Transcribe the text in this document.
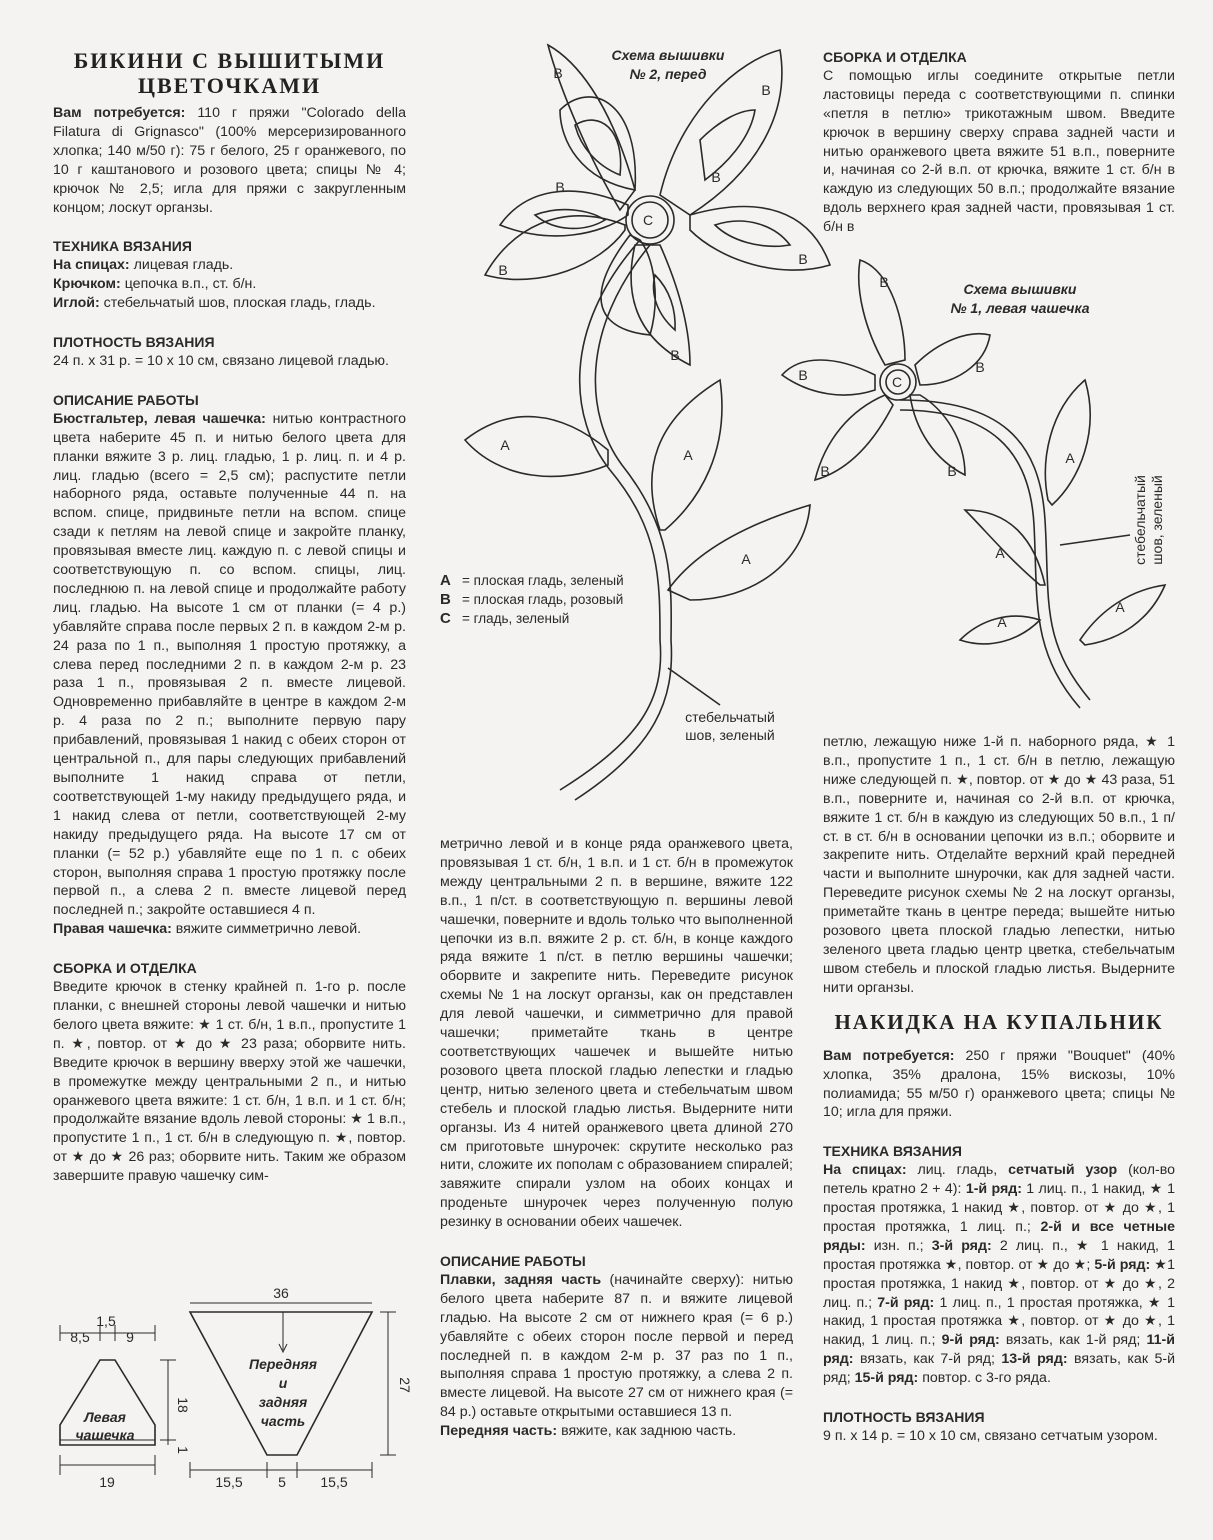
БИКИНИ С ВЫШИТЫМИ ЦВЕТОЧКАМИ

Вам потребуется: 110 г пряжи "Colorado della Filatura di Grignasco" (100% мерсеризированного хлопка; 140 м/50 г): 75 г белого, 25 г оранжевого, по 10 г каштанового и розового цвета; спицы № 4; крючок № 2,5; игла для пряжи с закругленным концом; лоскут органзы.

ТЕХНИКА ВЯЗАНИЯ

На спицах: лицевая гладь.

Крючком: цепочка в.п., ст. б/н.

Иглой: стебельчатый шов, плоская гладь, гладь.

ПЛОТНОСТЬ ВЯЗАНИЯ

24 п. х 31 р. = 10 х 10 см, связано лицевой гладью.

ОПИСАНИЕ РАБОТЫ

Бюстгальтер, левая чашечка: нитью контрастного цвета наберите 45 п. и нитью белого цвета для планки вяжите 3 р. лиц. гладью, 1 р. лиц. п. и 4 р. лиц. гладью (всего = 2,5 см); распустите петли наборного ряда, оставьте полученные 44 п. на вспом. спице, придвиньте петли на вспом. спице сзади к петлям на левой спице и закройте планку, провязывая вместе лиц. каждую п. с левой спицы и соответствующую п. со вспом. спицы, лиц. последнюю п. на левой спице и продолжайте работу лиц. гладью. На высоте 1 см от планки (= 4 р.) убавляйте справа после первых 2 п. в каждом 2-м р. 24 раза по 1 п., выполняя 1 простую протяжку, а слева перед последними 2 п. в каждом 2-м р. 23 раза 1 п., провязывая 2 п. вместе лицевой. Одновременно прибавляйте в центре в каждом 2-м р. 4 раза по 2 п.; выполните первую пару прибавлений, провязывая 1 накид с обеих сторон от центральной п., для пары следующих прибавлений выполните 1 накид справа от петли, соответствующей 1-му накиду предыдущего ряда, и 1 накид слева от петли, соответствующей 2-му накиду предыдущего ряда. На высоте 17 см от планки (= 52 р.) убавляйте еще по 1 п. с обеих сторон, выполняя справа 1 простую протяжку после первой п., а слева 2 п. вместе лицевой перед последней п.; закройте оставшиеся 4 п.

Правая чашечка: вяжите симметрично левой.

СБОРКА И ОТДЕЛКА

Введите крючок в стенку крайней п. 1-го р. после планки, с внешней стороны левой чашечки и нитью белого цвета вяжите: ★ 1 ст. б/н, 1 в.п., пропустите 1 п. ★, повтор. от ★ до ★ 23 раза; оборвите нить. Введите крючок в вершину вверху этой же чашечки, в промежутке между центральными 2 п., и нитью оранжевого цвета вяжите: 1 ст. б/н, 1 в.п. и 1 ст. б/н; продолжайте вязание вдоль левой стороны: ★ 1 в.п., пропустите 1 п., 1 ст. б/н в следующую п. ★, повтор. от ★ до ★ 26 раз; оборвите нить. Таким же образом завершите правую чашечку сим-

метрично левой и в конце ряда оранжевого цвета, провязывая 1 ст. б/н, 1 в.п. и 1 ст. б/н в промежуток между центральными 2 п. в вершине, вяжите 122 в.п., 1 п/ст. в соответствующую п. вершины левой чашечки, поверните и вдоль только что выполненной цепочки из в.п. вяжите 2 р. ст. б/н, в конце каждого ряда вяжите 1 п/ст. в петлю вершины чашечки; оборвите и закрепите нить. Переведите рисунок схемы № 1 на лоскут органзы, как он представлен для левой чашечки, и симметрично для правой чашечки; приметайте ткань в центре соответствующих чашечек и вышейте нитью розового цвета плоской гладью лепестки и гладью центр, нитью зеленого цвета и стебельчатым швом стебель и плоской гладью листья. Выдерните нити органзы. Из 4 нитей оранжевого цвета длиной 270 см приготовьте шнурочек: скрутите несколько раз нити, сложите их пополам с образованием спиралей; завяжите спирали узлом на обоих концах и проденьте шнурочек через полученную полую резинку в основании обеих чашечек.

ОПИСАНИЕ РАБОТЫ

Плавки, задняя часть (начинайте сверху): нитью белого цвета наберите 87 п. и вяжите лицевой гладью. На высоте 2 см от нижнего края (= 6 р.) убавляйте с обеих сторон после первой и перед последней п. в каждом 2-м р. 37 раз по 1 п., выполняя справа 1 простую протяжку, а слева 2 п. вместе лицевой. На высоте 27 см от нижнего края (= 84 р.) оставьте открытыми оставшиеся 13 п.

Передняя часть: вяжите, как заднюю часть.

СБОРКА И ОТДЕЛКА

С помощью иглы соедините открытые петли ластовицы переда с соответствующими п. спинки «петля в петлю» трикотажным швом. Введите крючок в вершину сверху справа задней части и нитью оранжевого цвета вяжите 51 в.п., поверните и, начиная со 2-й в.п. от крючка, вяжите 1 ст. б/н в каждую из следующих 50 в.п.; продолжайте вязание вдоль верхнего края задней части, провязывая 1 ст. б/н в

петлю, лежащую ниже 1-й п. наборного ряда, ★ 1 в.п., пропустите 1 п., 1 ст. б/н в петлю, лежащую ниже следующей п. ★, повтор. от ★ до ★ 43 раза, 51 в.п., поверните и, начиная со 2-й в.п. от крючка, вяжите 1 ст. б/н в каждую из следующих 50 в.п., 1 п/ст. в ст. б/н в основании цепочки из в.п.; оборвите и закрепите нить. Отделайте верхний край передней части и выполните шнурочки, как для задней части. Переведите рисунок схемы № 2 на лоскут органзы, приметайте ткань в центре переда; вышейте нитью розового цвета плоской гладью лепестки, нитью зеленого цвета гладью центр цветка, стебельчатым швом стебель и плоской гладью листья. Выдерните нити органзы.

НАКИДКА НА КУПАЛЬНИК

Вам потребуется: 250 г пряжи "Bouquet" (40% хлопка, 35% дралона, 15% вискозы, 10% полиамида; 55 м/50 г) оранжевого цвета; спицы № 10; игла для пряжи.

ТЕХНИКА ВЯЗАНИЯ

На спицах: лиц. гладь, сетчатый узор (кол-во петель кратно 2 + 4): 1-й ряд: 1 лиц. п., 1 накид, ★ 1 простая протяжка, 1 накид ★, повтор. от ★ до ★, 1 простая протяжка, 1 лиц. п.; 2-й и все четные ряды: изн. п.; 3-й ряд: 2 лиц. п., ★ 1 накид, 1 простая протяжка ★, повтор. от ★ до ★; 5-й ряд: ★1 простая протяжка, 1 накид ★, повтор. от ★ до ★, 2 лиц. п.; 7-й ряд: 1 лиц. п., 1 простая протяжка, ★ 1 накид, 1 простая протяжка ★, повтор. от ★ до ★, 1 накид, 1 лиц. п.; 9-й ряд: вязать, как 1-й ряд; 11-й ряд: вязать, как 7-й ряд; 13-й ряд: вязать, как 5-й ряд; 15-й ряд: повтор. с 3-го ряда.

ПЛОТНОСТЬ ВЯЗАНИЯ

9 п. х 14 р. = 10 х 10 см, связано сетчатым узором.

Схема вышивки
№ 2, перед
Схема вышивки
№ 1, левая чашечка
стебельчатый
шов, зеленый
стебельчатый шов, зеленый
B
B
B
B
B
B
B
C
A
A
A
B
B	B
B	B
C
A
A
A
A
A = плоская гладь, зеленый
B = плоская гладь, розовый
C = гладь, зеленый
Левая
чашечка
1,5
8,5	9
19
18
1
36
Передняя
и
задняя
часть
15,5	5 15,5
27
